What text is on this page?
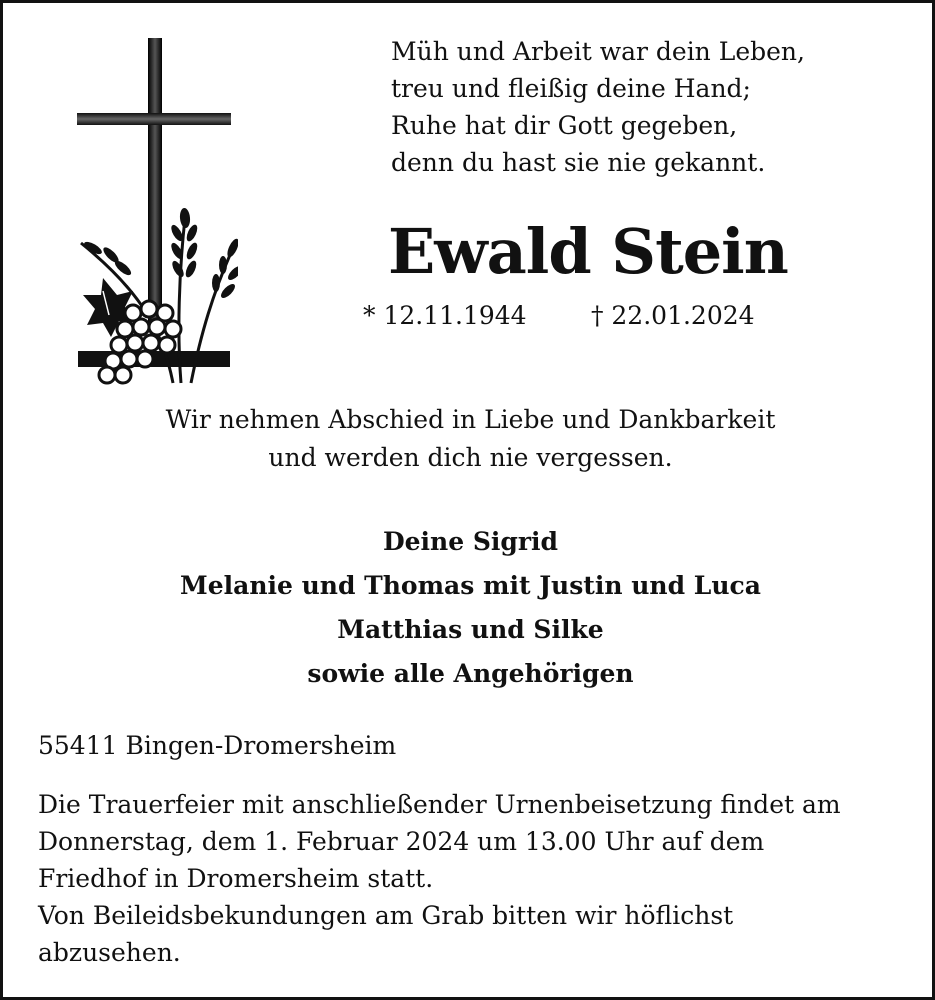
Müh und Arbeit war dein Leben,
treu und fleißig deine Hand;
Ruhe hat dir Gott gegeben,
denn du hast sie nie gekannt.
Ewald Stein
* 12.11.1944	† 22.01.2024
Wir nehmen Abschied in Liebe und Dankbarkeit
und werden dich nie vergessen.
Deine Sigrid
Melanie und Thomas mit Justin und Luca
Matthias und Silke
sowie alle Angehörigen
55411 Bingen-Dromersheim
Die Trauerfeier mit anschließender Urnenbeisetzung findet am
Donnerstag, dem 1. Februar 2024 um 13.00 Uhr auf dem
Friedhof in Dromersheim statt.
Von Beileidsbekundungen am Grab bitten wir höflichst
abzusehen.
